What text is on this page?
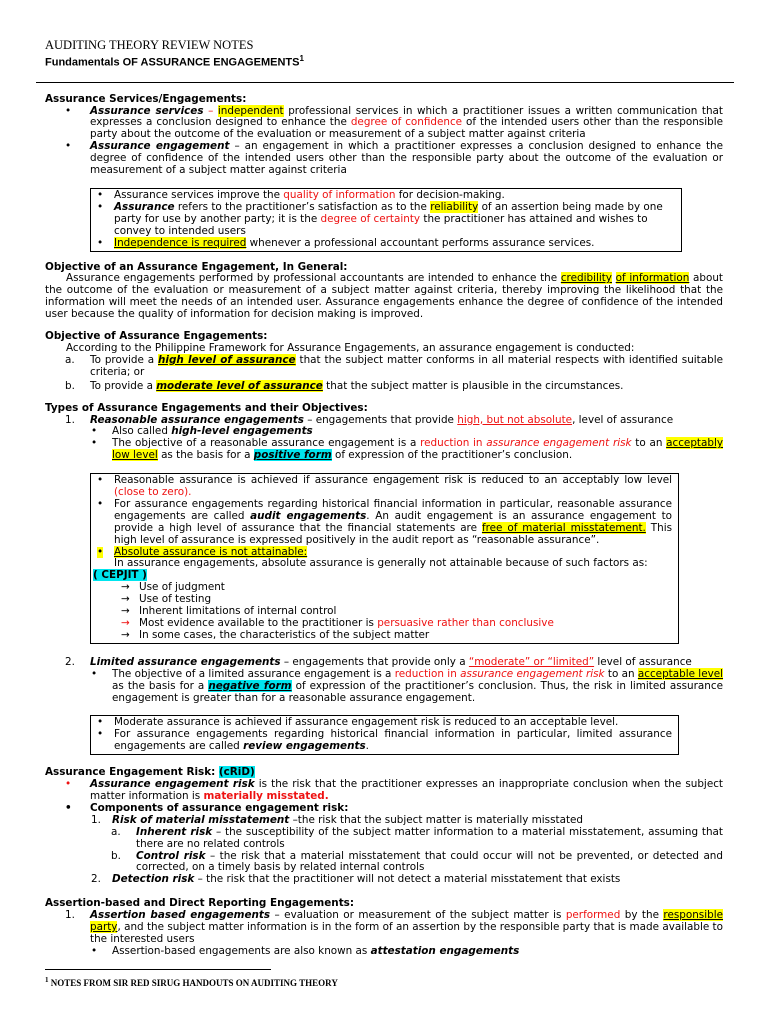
AUDITING THEORY REVIEW NOTES
Fundamentals OF ASSURANCE ENGAGEMENTS$^1$
Assurance Services/Engagements:
• Assurance services – independent professional services in which a practitioner issues a written communication that expresses a conclusion designed to enhance the degree of confidence of the intended users other than the responsible party about the outcome of the evaluation or measurement of a subject matter against criteria
• Assurance engagement – an engagement in which a practitioner expresses a conclusion designed to enhance the degree of confidence of the intended users other than the responsible party about the outcome of the evaluation or measurement of a subject matter against criteria
• Assurance services improve the quality of information for decision-making.
• Assurance refers to the practitioner’s satisfaction as to the reliability of an assertion being made by one party for use by another party; it is the degree of certainty the practitioner has attained and wishes to convey to intended users
• Independence is required whenever a professional accountant performs assurance services.
Objective of an Assurance Engagement, In General:
Assurance engagements performed by professional accountants are intended to enhance the credibility of information about the outcome of the evaluation or measurement of a subject matter against criteria, thereby improving the likelihood that the information will meet the needs of an intended user. Assurance engagements enhance the degree of confidence of the intended user because the quality of information for decision making is improved.
Objective of Assurance Engagements:
According to the Philippine Framework for Assurance Engagements, an assurance engagement is conducted:
a. To provide a high level of assurance that the subject matter conforms in all material respects with identified suitable criteria; or
b. To provide a moderate level of assurance that the subject matter is plausible in the circumstances.
Types of Assurance Engagements and their Objectives:
1. Reasonable assurance engagements – engagements that provide high, but not absolute, level of assurance
• Also called high-level engagements
• The objective of a reasonable assurance engagement is a reduction in assurance engagement risk to an acceptably low level as the basis for a positive form of expression of the practitioner’s conclusion.
• Reasonable assurance is achieved if assurance engagement risk is reduced to an acceptably low level (close to zero).
• For assurance engagements regarding historical financial information in particular, reasonable assurance engagements are called audit engagements. An audit engagement is an assurance engagement to provide a high level of assurance that the financial statements are free of material misstatement. This high level of assurance is expressed positively in the audit report as “reasonable assurance”.
• Absolute assurance is not attainable:
In assurance engagements, absolute assurance is generally not attainable because of such factors as:
( CEPJIT )
→ Use of judgment
→ Use of testing
→ Inherent limitations of internal control
→ Most evidence available to the practitioner is persuasive rather than conclusive
→ In some cases, the characteristics of the subject matter
2. Limited assurance engagements – engagements that provide only a “moderate” or “limited” level of assurance
• The objective of a limited assurance engagement is a reduction in assurance engagement risk to an acceptable level as the basis for a negative form of expression of the practitioner’s conclusion. Thus, the risk in limited assurance engagement is greater than for a reasonable assurance engagement.
• Moderate assurance is achieved if assurance engagement risk is reduced to an acceptable level.
• For assurance engagements regarding historical financial information in particular, limited assurance engagements are called review engagements.
Assurance Engagement Risk: (cRiD)
• Assurance engagement risk is the risk that the practitioner expresses an inappropriate conclusion when the subject matter information is materially misstated.
• Components of assurance engagement risk:
1. Risk of material misstatement –the risk that the subject matter is materially misstated
a. Inherent risk – the susceptibility of the subject matter information to a material misstatement, assuming that there are no related controls
b. Control risk – the risk that a material misstatement that could occur will not be prevented, or detected and corrected, on a timely basis by related internal controls
2. Detection risk – the risk that the practitioner will not detect a material misstatement that exists
Assertion-based and Direct Reporting Engagements:
1. Assertion based engagements – evaluation or measurement of the subject matter is performed by the responsible party, and the subject matter information is in the form of an assertion by the responsible party that is made available to the interested users
• Assertion-based engagements are also known as attestation engagements
$^1$ NOTES FROM SIR RED SIRUG HANDOUTS ON AUDITING THEORY
